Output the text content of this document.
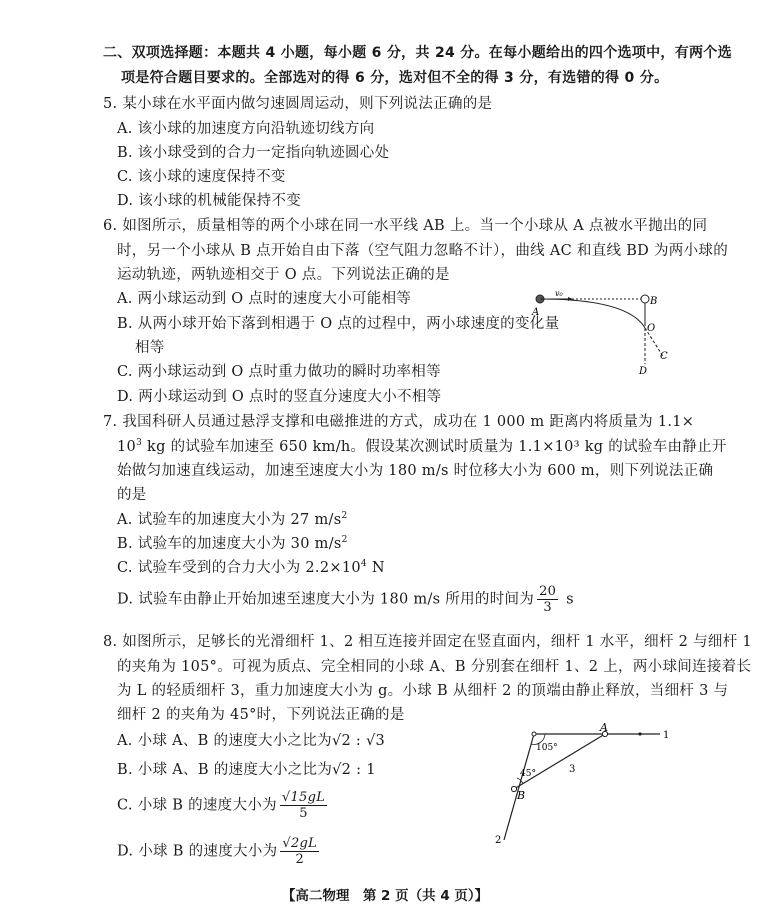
二、双项选择题：本题共 4 小题，每小题 6 分，共 24 分。在每小题给出的四个选项中，有两个选
项是符合题目要求的。全部选对的得 6 分，选对但不全的得 3 分，有选错的得 0 分。
5. 某小球在水平面内做匀速圆周运动，则下列说法正确的是
A. 该小球的加速度方向沿轨迹切线方向
B. 该小球受到的合力一定指向轨迹圆心处
C. 该小球的速度保持不变
D. 该小球的机械能保持不变
6. 如图所示，质量相等的两个小球在同一水平线 AB 上。当一个小球从 A 点被水平抛出的同
时，另一个小球从 B 点开始自由下落（空气阻力忽略不计），曲线 AC 和直线 BD 为两小球的
运动轨迹，两轨迹相交于 O 点。下列说法正确的是
A. 两小球运动到 O 点时的速度大小可能相等
B. 从两小球开始下落到相遇于 O 点的过程中，两小球速度的变化量
相等
C. 两小球运动到 O 点时重力做功的瞬时功率相等
D. 两小球运动到 O 点时的竖直分速度大小不相等
A
B
O
C
D
v₀
7. 我国科研人员通过悬浮支撑和电磁推进的方式，成功在 1 000 m 距离内将质量为 1.1×
$10^3$ kg 的试验车加速至 650 km/h。假设某次测试时质量为 1.1×10³ kg 的试验车由静止开
始做匀加速直线运动，加速至速度大小为 180 m/s 时位移大小为 600 m，则下列说法正确
的是
A. 试验车的加速度大小为 27 $m/s^2$
B. 试验车的加速度大小为 30 $m/s^2$
C. 试验车受到的合力大小为 $2.2\times 10^4$ N
D. 试验车由静止开始加速至速度大小为 180 m/s 所用的时间为 $\frac{20}{3}$ s
8. 如图所示，足够长的光滑细杆 1、2 相互连接并固定在竖直面内，细杆 1 水平，细杆 2 与细杆 1
的夹角为 105°。可视为质点、完全相同的小球 A、B 分别套在细杆 1、2 上，两小球间连接着长
为 L 的轻质细杆 3，重力加速度大小为 g。小球 B 从细杆 2 的顶端由静止释放，当细杆 3 与
细杆 2 的夹角为 45°时，下列说法正确的是
A. 小球 A、B 的速度大小之比为√2 : √3
B. 小球 A、B 的速度大小之比为√2 : 1
C. 小球 B 的速度大小为 $\frac{√15gL}{5}$
D. 小球 B 的速度大小为 $\frac{√2gL}{2}$
A
B
1
2
3
105°
45°
【高二物理　第 2 页（共 4 页）】
